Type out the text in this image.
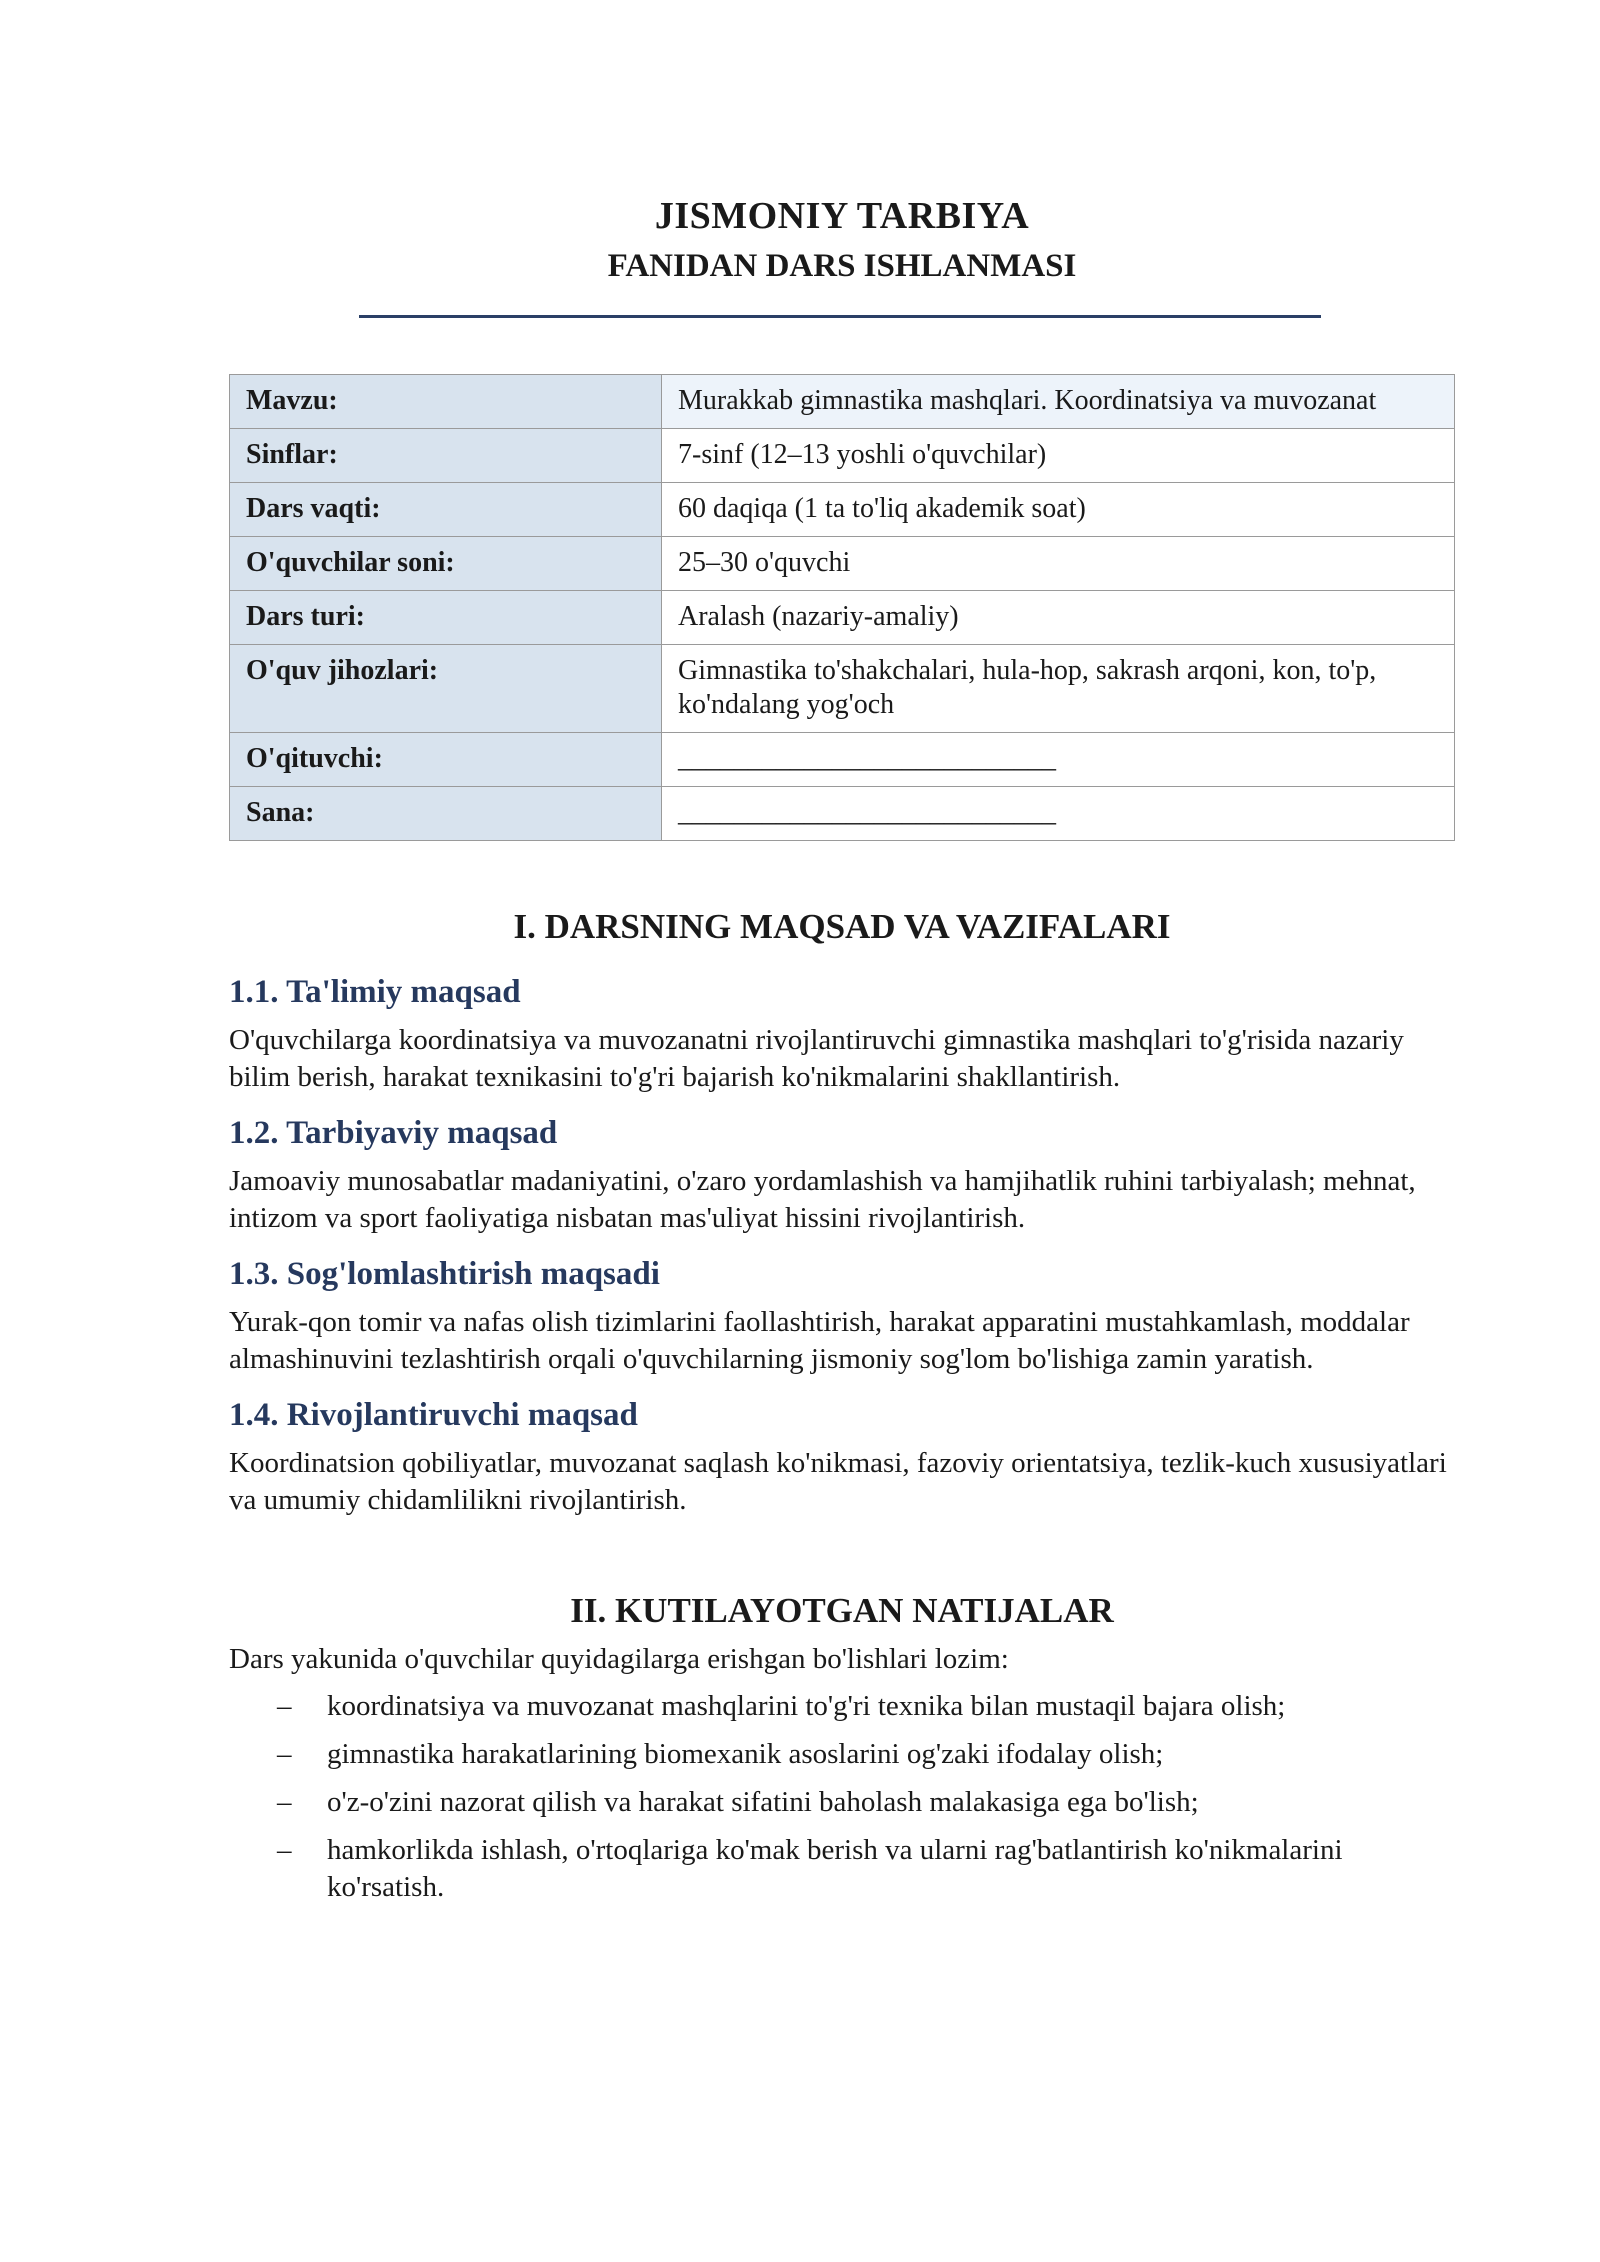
JISMONIY TARBIYA
FANIDAN DARS ISHLANMASI
Mavzu:	Murakkab gimnastika mashqlari. Koordinatsiya va muvozanat
Sinflar:	7-sinf (12–13 yoshli o'quvchilar)
Dars vaqti:	60 daqiqa (1 ta to'liq akademik soat)
O'quvchilar soni:	25–30 o'quvchi
Dars turi:	Aralash (nazariy-amaliy)
O'quv jihozlari:	Gimnastika to'shakchalari, hula-hop, sakrash arqoni, kon, to'p, ko'ndalang yog'och
O'qituvchi:	___________________________
Sana:	___________________________
I. DARSNING MAQSAD VA VAZIFALARI
1.1. Ta'limiy maqsad
O'quvchilarga koordinatsiya va muvozanatni rivojlantiruvchi gimnastika mashqlari to'g'risida nazariy bilim berish, harakat texnikasini to'g'ri bajarish ko'nikmalarini shakllantirish.
1.2. Tarbiyaviy maqsad
Jamoaviy munosabatlar madaniyatini, o'zaro yordamlashish va hamjihatlik ruhini tarbiyalash; mehnat, intizom va sport faoliyatiga nisbatan mas'uliyat hissini rivojlantirish.
1.3. Sog'lomlashtirish maqsadi
Yurak-qon tomir va nafas olish tizimlarini faollashtirish, harakat apparatini mustahkamlash, moddalar almashinuvini tezlashtirish orqali o'quvchilarning jismoniy sog'lom bo'lishiga zamin yaratish.
1.4. Rivojlantiruvchi maqsad
Koordinatsion qobiliyatlar, muvozanat saqlash ko'nikmasi, fazoviy orientatsiya, tezlik-kuch xususiyatlari va umumiy chidamlilikni rivojlantirish.
II. KUTILAYOTGAN NATIJALAR
Dars yakunida o'quvchilar quyidagilarga erishgan bo'lishlari lozim:
– koordinatsiya va muvozanat mashqlarini to'g'ri texnika bilan mustaqil bajara olish;
– gimnastika harakatlarining biomexanik asoslarini og'zaki ifodalay olish;
– o'z-o'zini nazorat qilish va harakat sifatini baholash malakasiga ega bo'lish;
– hamkorlikda ishlash, o'rtoqlariga ko'mak berish va ularni rag'batlantirish ko'nikmalarini ko'rsatish.
